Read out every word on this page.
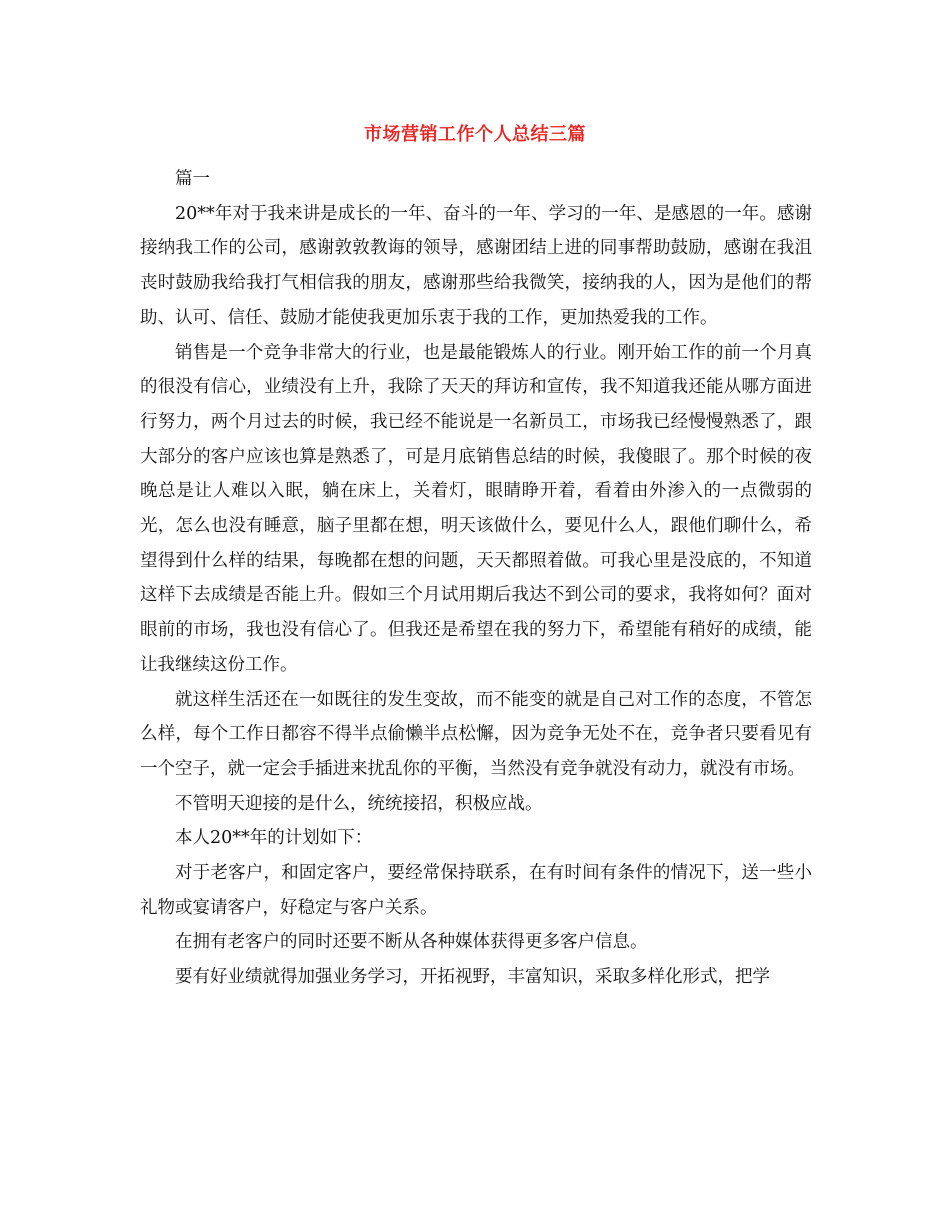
市场营销工作个人总结三篇

篇一

20**年对于我来讲是成长的一年、奋斗的一年、学习的一年、是感恩的一年。感谢接纳我工作的公司，感谢敦敦教诲的领导，感谢团结上进的同事帮助鼓励，感谢在我沮丧时鼓励我给我打气相信我的朋友，感谢那些给我微笑，接纳我的人，因为是他们的帮助、认可、信任、鼓励才能使我更加乐衷于我的工作，更加热爱我的工作。

销售是一个竞争非常大的行业，也是最能锻炼人的行业。刚开始工作的前一个月真的很没有信心，业绩没有上升，我除了天天的拜访和宣传，我不知道我还能从哪方面进行努力，两个月过去的时候，我已经不能说是一名新员工，市场我已经慢慢熟悉了，跟大部分的客户应该也算是熟悉了，可是月底销售总结的时候，我傻眼了。那个时候的夜晚总是让人难以入眠，躺在床上，关着灯，眼睛睁开着，看着由外渗入的一点微弱的光，怎么也没有睡意，脑子里都在想，明天该做什么，要见什么人，跟他们聊什么，希望得到什么样的结果，每晚都在想的问题，天天都照着做。可我心里是没底的，不知道这样下去成绩是否能上升。假如三个月试用期后我达不到公司的要求，我将如何？面对眼前的市场，我也没有信心了。但我还是希望在我的努力下，希望能有稍好的成绩，能让我继续这份工作。

就这样生活还在一如既往的发生变故，而不能变的就是自己对工作的态度，不管怎么样，每个工作日都容不得半点偷懒半点松懈，因为竞争无处不在，竞争者只要看见有一个空子，就一定会手插进来扰乱你的平衡，当然没有竞争就没有动力，就没有市场。

不管明天迎接的是什么，统统接招，积极应战。

本人20**年的计划如下：

对于老客户，和固定客户，要经常保持联系，在有时间有条件的情况下，送一些小礼物或宴请客户，好稳定与客户关系。

在拥有老客户的同时还要不断从各种媒体获得更多客户信息。

要有好业绩就得加强业务学习，开拓视野，丰富知识，采取多样化形式，把学
